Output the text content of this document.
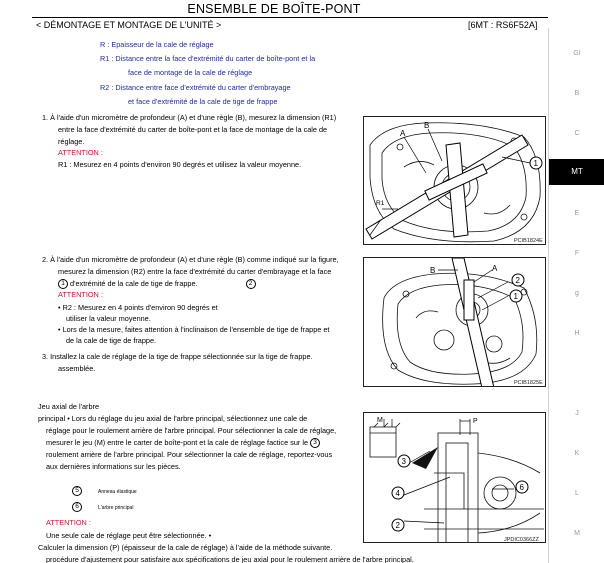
ENSEMBLE DE BOÎTE-PONT
< DÉMONTAGE ET MONTAGE DE L'UNITÉ >	[6MT : RS6F52A]
R : Epaisseur de la cale de réglage
R1 : Distance entre la face d'extrémité du carter de boîte-pont et la
face de montage de la cale de réglage
R2 : Distance entre face d'extrémité du carter d'embrayage
et face d'extrémité de la cale de tige de frappe
1. À l'aide d'un micromètre de profondeur (A) et d'une règle (B), mesurez la dimension (R1)
entre la face d'extrémité du carter de boîte-pont et la face de montage de la cale de
réglage.
ATTENTION :
R1 : Mesurez en 4 points d'environ 90 degrés et utilisez la valeur moyenne.
A
B
R1
1
PCIB1824E
2. À l'aide d'un micromètre de profondeur (A) et d'une règle (B) comme indiqué sur la figure,
mesurez la dimension (R2) entre la face d'extrémité du carter d'embrayage et la face
1 d'extrémité de la cale de tige de frappe.	2
ATTENTION :
• R2 : Mesurez en 4 points d'environ 90 degrés et
utiliser la valeur moyenne.
• Lors de la mesure, faites attention à l'inclinaison de l'ensemble de tige de frappe et
de la cale de tige de frappe.
3. Installez la cale de réglage de la tige de frappe sélectionnée sur la tige de frappe.
assemblée.
B	A
2
1
PCIB1825E
Jeu axial de l'arbre
principal • Lors du réglage du jeu axial de l'arbre principal, sélectionnez une cale de
réglage pour le roulement arrière de l'arbre principal. Pour sélectionner la cale de réglage,
mesurer le jeu (M) entre le carter de boîte-pont et la cale de réglage factice sur le 3
roulement arrière de l'arbre principal. Pour sélectionner la cale de réglage, reportez-vous
aux dernières informations sur les pièces.
5	Anneau élastique
6	L'arbre principal
ATTENTION :
Une seule cale de réglage peut être sélectionnée. •
Calculer la dimension (P) (épaisseur de la cale de réglage) à l'aide de la méthode suivante.
procédure d'ajustement pour satisfaire aux spécifications de jeu axial pour le roulement arrière de l'arbre principal.
M	P
3
4
2
6
JPDIC0366ZZ
GI
B
C
MT
E
F
g
H
J
K
L
M
